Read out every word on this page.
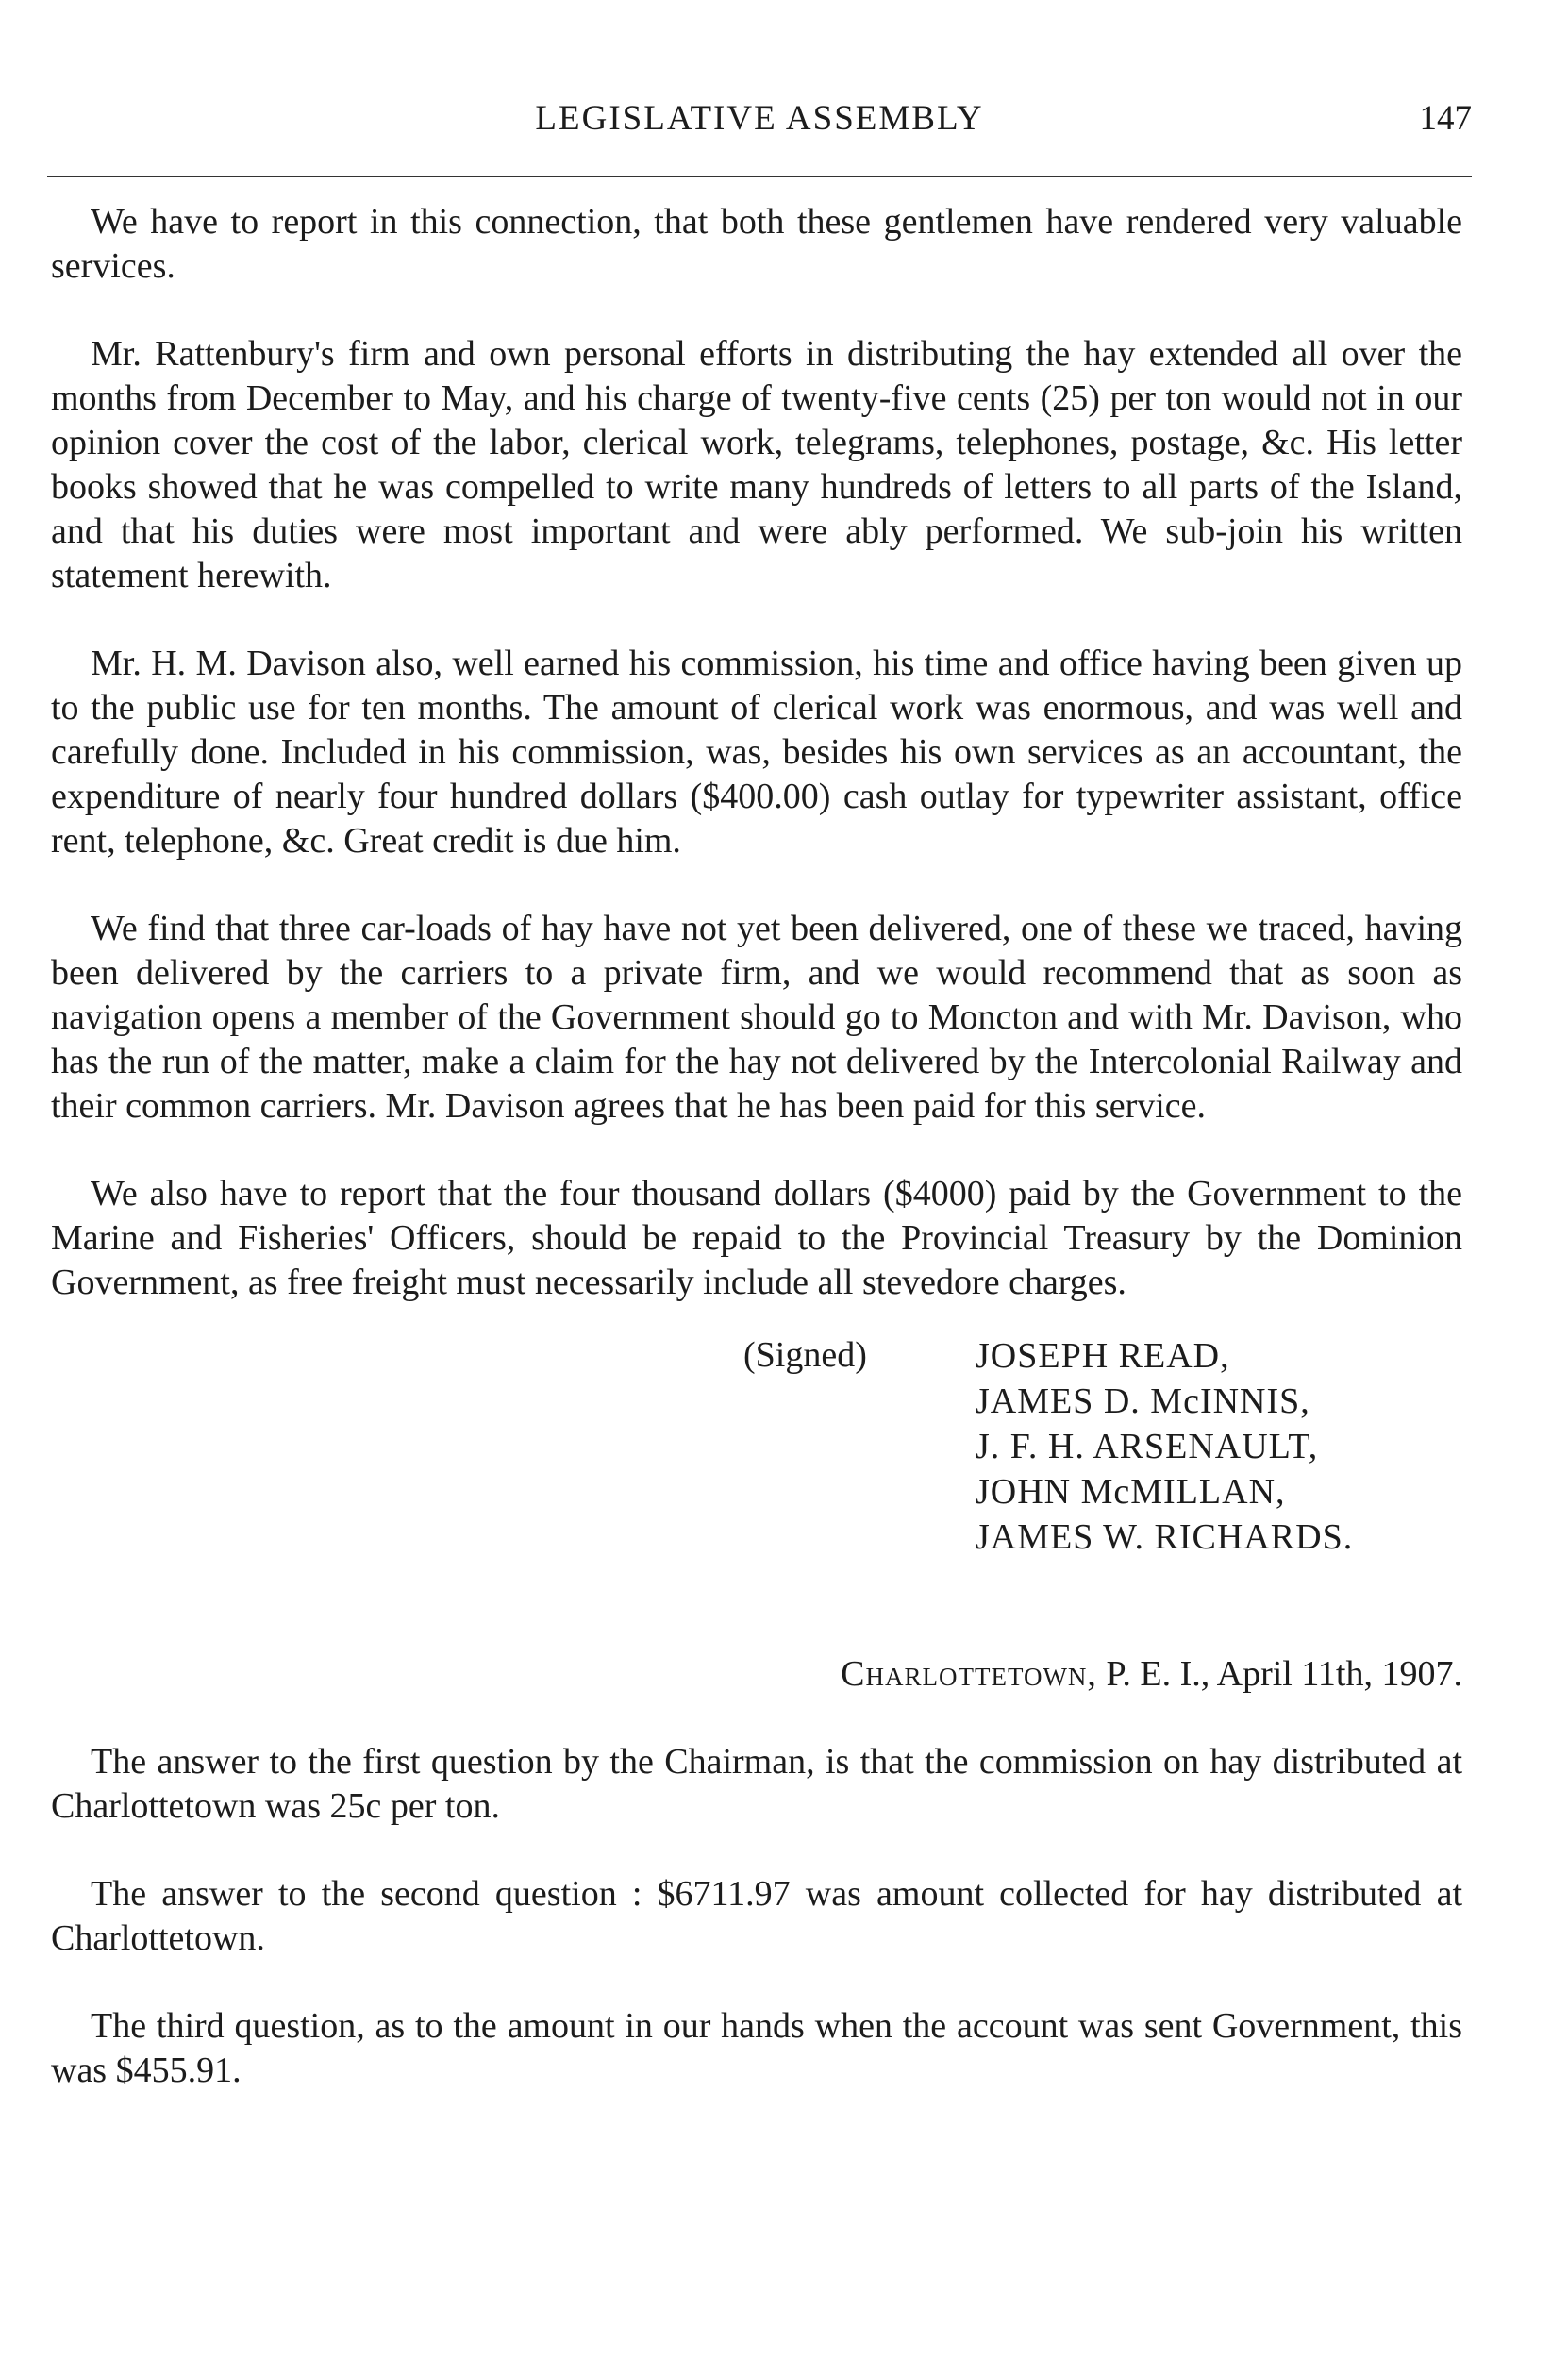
LEGISLATIVE ASSEMBLY	147

We have to report in this connection, that both these gentlemen have rendered very valuable services.

Mr. Rattenbury's firm and own personal efforts in distributing the hay extended all over the months from December to May, and his charge of twenty-five cents (25) per ton would not in our opinion cover the cost of the labor, clerical work, telegrams, telephones, postage, &c. His letter books showed that he was compelled to write many hundreds of letters to all parts of the Island, and that his duties were most important and were ably performed. We sub-join his written statement herewith.

Mr. H. M. Davison also, well earned his commission, his time and office having been given up to the public use for ten months. The amount of clerical work was enormous, and was well and carefully done. Included in his commission, was, besides his own services as an accountant, the expenditure of nearly four hundred dollars ($400.00) cash outlay for typewriter assistant, office rent, telephone, &c. Great credit is due him.

We find that three car-loads of hay have not yet been delivered, one of these we traced, having been delivered by the carriers to a private firm, and we would recommend that as soon as navigation opens a member of the Government should go to Moncton and with Mr. Davison, who has the run of the matter, make a claim for the hay not delivered by the Intercolonial Railway and their common carriers. Mr. Davison agrees that he has been paid for this service.

We also have to report that the four thousand dollars ($4000) paid by the Government to the Marine and Fisheries' Officers, should be repaid to the Provincial Treasury by the Dominion Government, as free freight must necessarily include all stevedore charges.

(Signed)	JOSEPH READ,
JAMES D. McINNIS,
J. F. H. ARSENAULT,
JOHN McMILLAN,
JAMES W. RICHARDS.
Charlottetown, P. E. I., April 11th, 1907.

The answer to the first question by the Chairman, is that the commission on hay distributed at Charlottetown was 25c per ton.

The answer to the second question : $6711.97 was amount collected for hay distributed at Charlottetown.

The third question, as to the amount in our hands when the account was sent Government, this was $455.91.
